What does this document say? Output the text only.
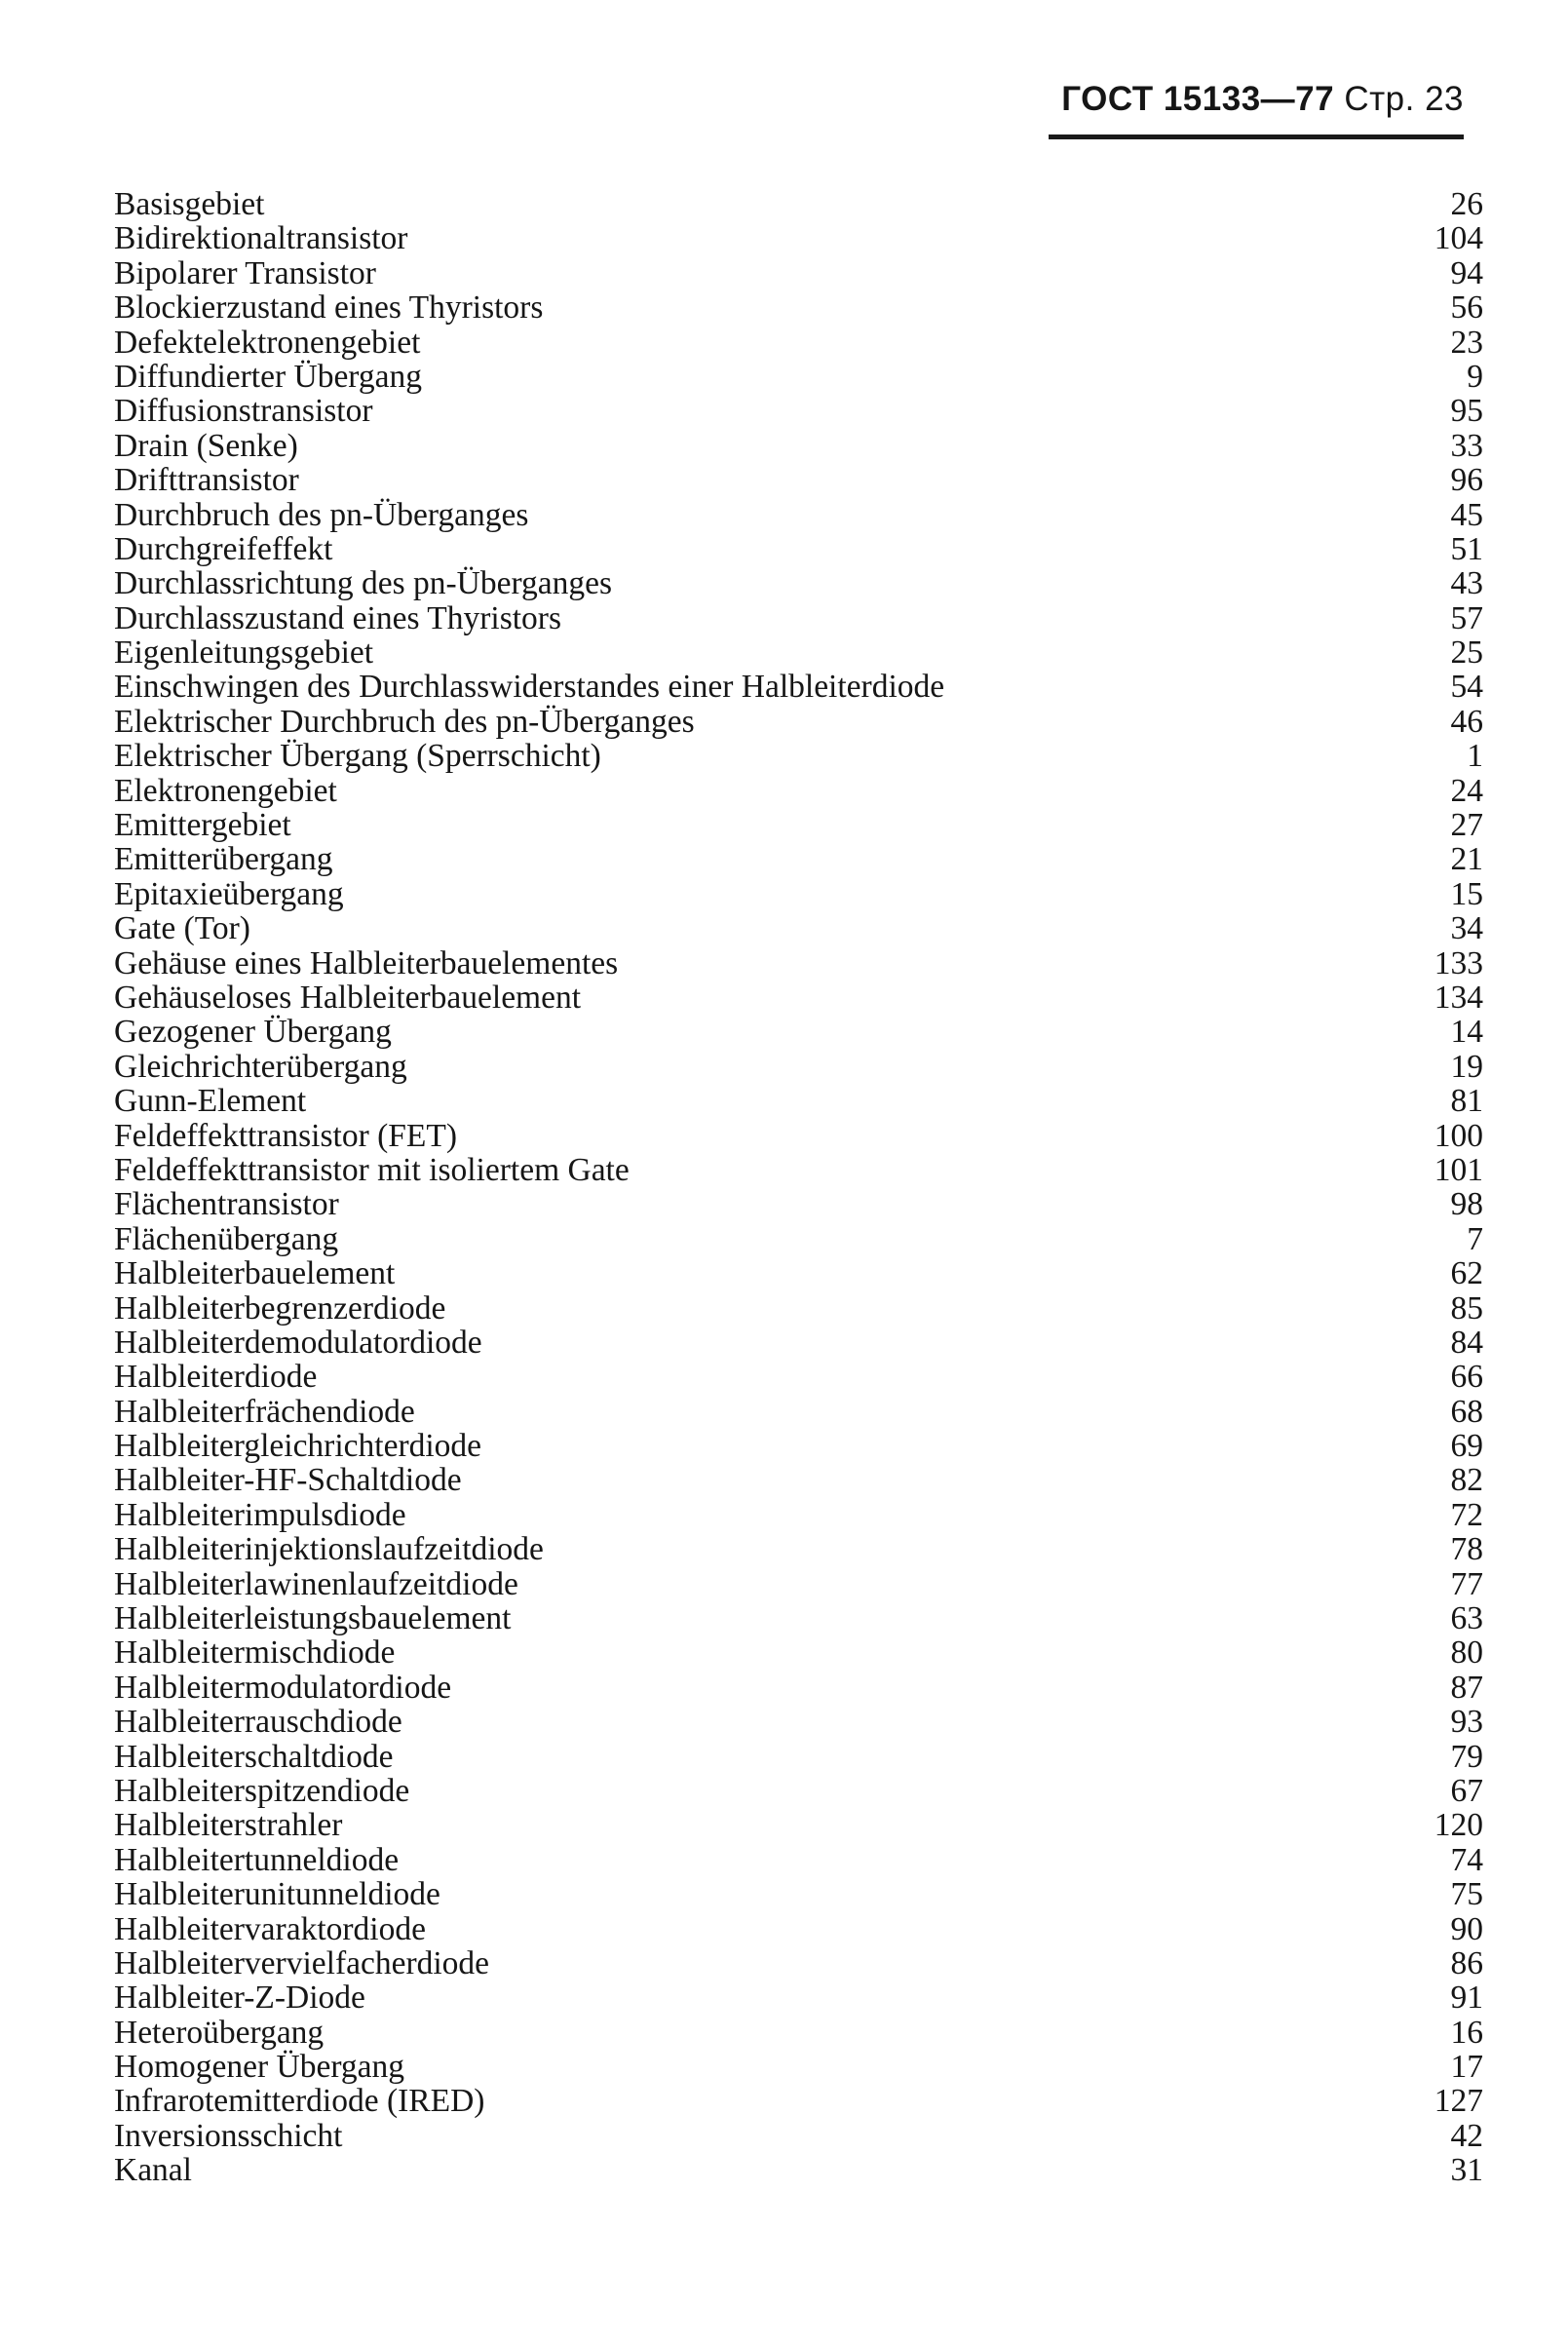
ГОСТ 15133—77 Стр. 23
Basisgebiet	26
Bidirektionaltransistor	104
Bipolarer Transistor	94
Blockierzustand eines Thyristors	56
Defektelektronengebiet	23
Diffundierter Übergang	9
Diffusionstransistor	95
Drain (Senke)	33
Drifttransistor	96
Durchbruch des pn-Überganges	45
Durchgreifeffekt	51
Durchlassrichtung des pn-Überganges	43
Durchlasszustand eines Thyristors	57
Eigenleitungsgebiet	25
Einschwingen des Durchlasswiderstandes einer Halbleiterdiode	54
Elektrischer Durchbruch des pn-Überganges	46
Elektrischer Übergang (Sperrschicht)	1
Elektronengebiet	24
Emittergebiet	27
Emitterübergang	21
Epitaxieübergang	15
Gate (Tor)	34
Gehäuse eines Halbleiterbauelementes	133
Gehäuseloses Halbleiterbauelement	134
Gezogener Übergang	14
Gleichrichterübergang	19
Gunn-Element	81
Feldeffekttransistor (FET)	100
Feldeffekttransistor mit isoliertem Gate	101
Flächentransistor	98
Flächenübergang	7
Halbleiterbauelement	62
Halbleiterbegrenzerdiode	85
Halbleiterdemodulatordiode	84
Halbleiterdiode	66
Halbleiterfrächendiode	68
Halbleitergleichrichterdiode	69
Halbleiter-HF-Schaltdiode	82
Halbleiterimpulsdiode	72
Halbleiterinjektionslaufzeitdiode	78
Halbleiterlawinenlaufzeitdiode	77
Halbleiterleistungsbauelement	63
Halbleitermischdiode	80
Halbleitermodulatordiode	87
Halbleiterrauschdiode	93
Halbleiterschaltdiode	79
Halbleiterspitzendiode	67
Halbleiterstrahler	120
Halbleitertunneldiode	74
Halbleiterunitunneldiode	75
Halbleitervaraktordiode	90
Halbleitervervielfacherdiode	86
Halbleiter-Z-Diode	91
Heteroübergang	16
Homogener Übergang	17
Infrarotemitterdiode (IRED)	127
Inversionsschicht	42
Kanal	31
